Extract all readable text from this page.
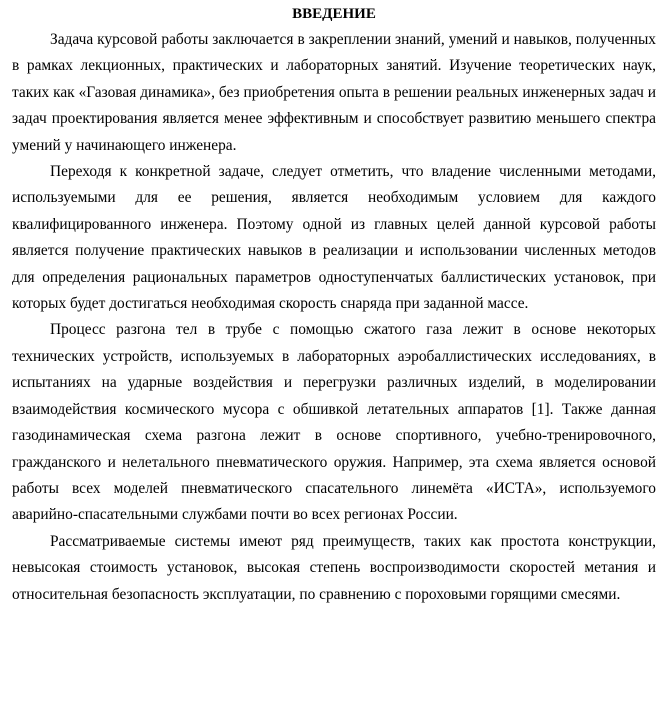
ВВЕДЕНИЕ

Задача курсовой работы заключается в закреплении знаний, умений и навыков, полученных в рамках лекционных, практических и лабораторных занятий. Изучение теоретических наук, таких как «Газовая динамика», без приобретения опыта в решении реальных инженерных задач и задач проектирования является менее эффективным и способствует развитию меньшего спектра умений у начинающего инженера.

Переходя к конкретной задаче, следует отметить, что владение численными методами, используемыми для ее решения, является необходимым условием для каждого квалифицированного инженера. Поэтому одной из главных целей данной курсовой работы является получение практических навыков в реализации и использовании численных методов для определения рациональных параметров одноступенчатых баллистических установок, при которых будет достигаться необходимая скорость снаряда при заданной массе.

Процесс разгона тел в трубе с помощью сжатого газа лежит в основе некоторых технических устройств, используемых в лабораторных аэробаллистических исследованиях, в испытаниях на ударные воздействия и перегрузки различных изделий, в моделировании взаимодействия космического мусора с обшивкой летательных аппаратов [1]. Также данная газодинамическая схема разгона лежит в основе спортивного, учебно-тренировочного, гражданского и нелетального пневматического оружия. Например, эта схема является основой работы всех моделей пневматического спасательного линемёта «ИСТА», используемого аварийно-спасательными службами почти во всех регионах России.

Рассматриваемые системы имеют ряд преимуществ, таких как простота конструкции, невысокая стоимость установок, высокая степень воспроизводимости скоростей метания и относительная безопасность эксплуатации, по сравнению с пороховыми горящими смесями.
